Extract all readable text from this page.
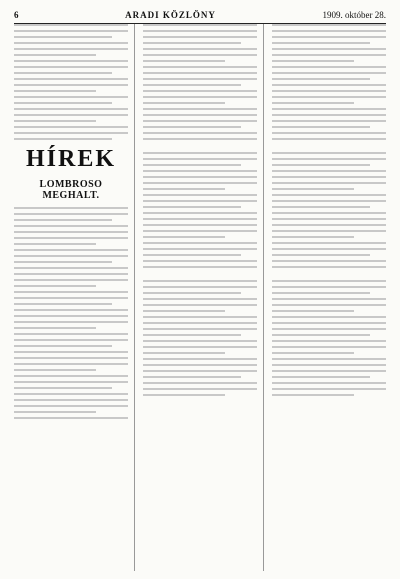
6	ARADI KÖZLÖNY	1909. október 28.
HÍREK
LOMBROSO MEGHALT.
